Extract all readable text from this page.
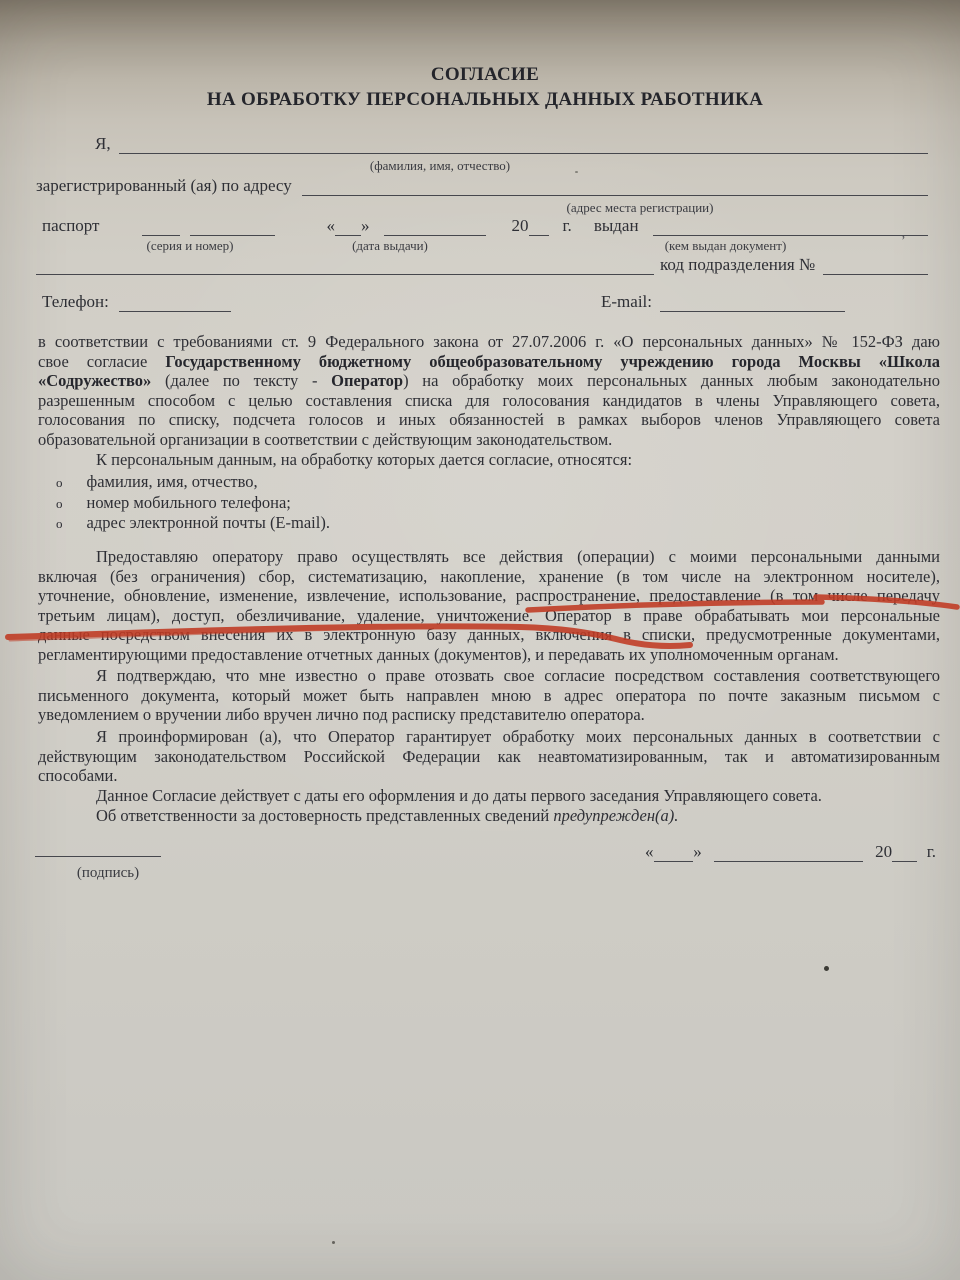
СОГЛАСИЕ
НА ОБРАБОТКУ ПЕРСОНАЛЬНЫХ ДАННЫХ РАБОТНИКА
Я,
(фамилия, имя, отчество)
зарегистрированный (ая) по адресу
(адрес места регистрации)
паспорт	« »	20 г. выдан
(серия и номер)	(дата выдачи)	(кем выдан документ)	’
код подразделения №
Телефон:	E-mail:
в соответствии с требованиями ст. 9 Федерального закона от 27.07.2006 г. «О персональных данных» № 152-ФЗ даю
свое согласие Государственному бюджетному общеобразовательному учреждению города Москвы «Школа
«Содружество» (далее по тексту - Оператор) на обработку моих персональных данных любым законодательно
разрешенным способом с целью составления списка для голосования кандидатов в члены Управляющего совета,
голосования по списку, подсчета голосов и иных обязанностей в рамках выборов членов Управляющего совета
образовательной организации в соответствии с действующим законодательством.
К персональным данным, на обработку которых дается согласие, относятся:
Предоставляю оператору право осуществлять все действия (операции) с моими персональными данными
включая (без ограничения) сбор, систематизацию, накопление, хранение (в том числе на электронном носителе),
уточнение, обновление, изменение, извлечение, использование, распространение, предоставление (в том числе передачу
третьим лицам), доступ, обезличивание, удаление, уничтожение. Оператор в праве обрабатывать мои персональные
данные посредством внесения их в электронную базу данных, включения в списки, предусмотренные документами,
регламентирующими предоставление отчетных данных (документов), и передавать их уполномоченным органам.
Я подтверждаю, что мне известно о праве отозвать свое согласие посредством составления соответствующего
письменного документа, который может быть направлен мною в адрес оператора по почте заказным письмом с
уведомлением о вручении либо вручен лично под расписку представителю оператора.
Я проинформирован (а), что Оператор гарантирует обработку моих персональных данных в соответствии с
действующим законодательством Российской Федерации как неавтоматизированным, так и автоматизированным
способами.
Данное Согласие действует с даты его оформления и до даты первого заседания Управляющего совета.
Об ответственности за достоверность представленных сведений предупрежден(а).
o фамилия, имя, отчество,
o номер мобильного телефона;
o адрес электронной почты (E-mail).
« »	20 г.
(подпись)
